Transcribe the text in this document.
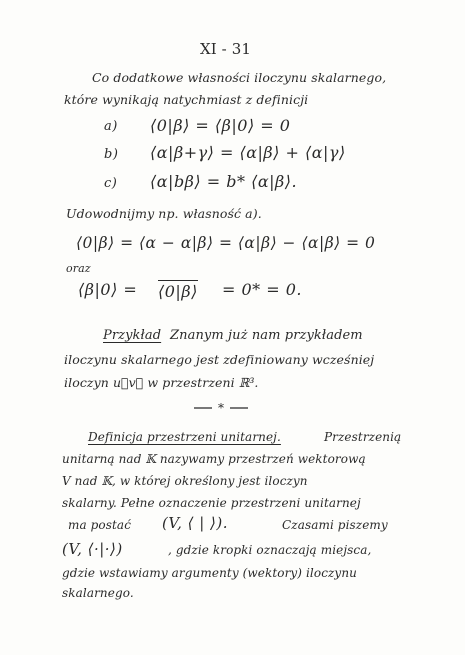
XI - 31
Co dodatkowe własności iloczynu skalarnego,
które wynikają natychmiast z definicji
a) ⟨0|β⟩ = ⟨β|0⟩ = 0
b) ⟨α|β+γ⟩ = ⟨α|β⟩ + ⟨α|γ⟩
c) ⟨α|bβ⟩ = b* ⟨α|β⟩.
Udowodnijmy np. własność a).
⟨0|β⟩ = ⟨α − α|β⟩ = ⟨α|β⟩ − ⟨α|β⟩ = 0
oraz
⟨β|0⟩ = ⟨0|β⟩ = 0* = 0.
Przykład Znanym już nam przykładem
iloczynu skalarnego jest zdefiniowany wcześniej
iloczyn u⃗v⃗ w przestrzeni ℝ³.
*
Definicja przestrzeni unitarnej.	Przestrzenią
unitarną nad 𝕂 nazywamy przestrzeń wektorową
V nad 𝕂, w której określony jest iloczyn
skalarny. Pełne oznaczenie przestrzeni unitarnej
ma postać (V, ⟨ | ⟩).	Czasami piszemy
(V, ⟨·|·⟩)	, gdzie kropki oznaczają miejsca,
gdzie wstawiamy argumenty (wektory) iloczynu
skalarnego.
